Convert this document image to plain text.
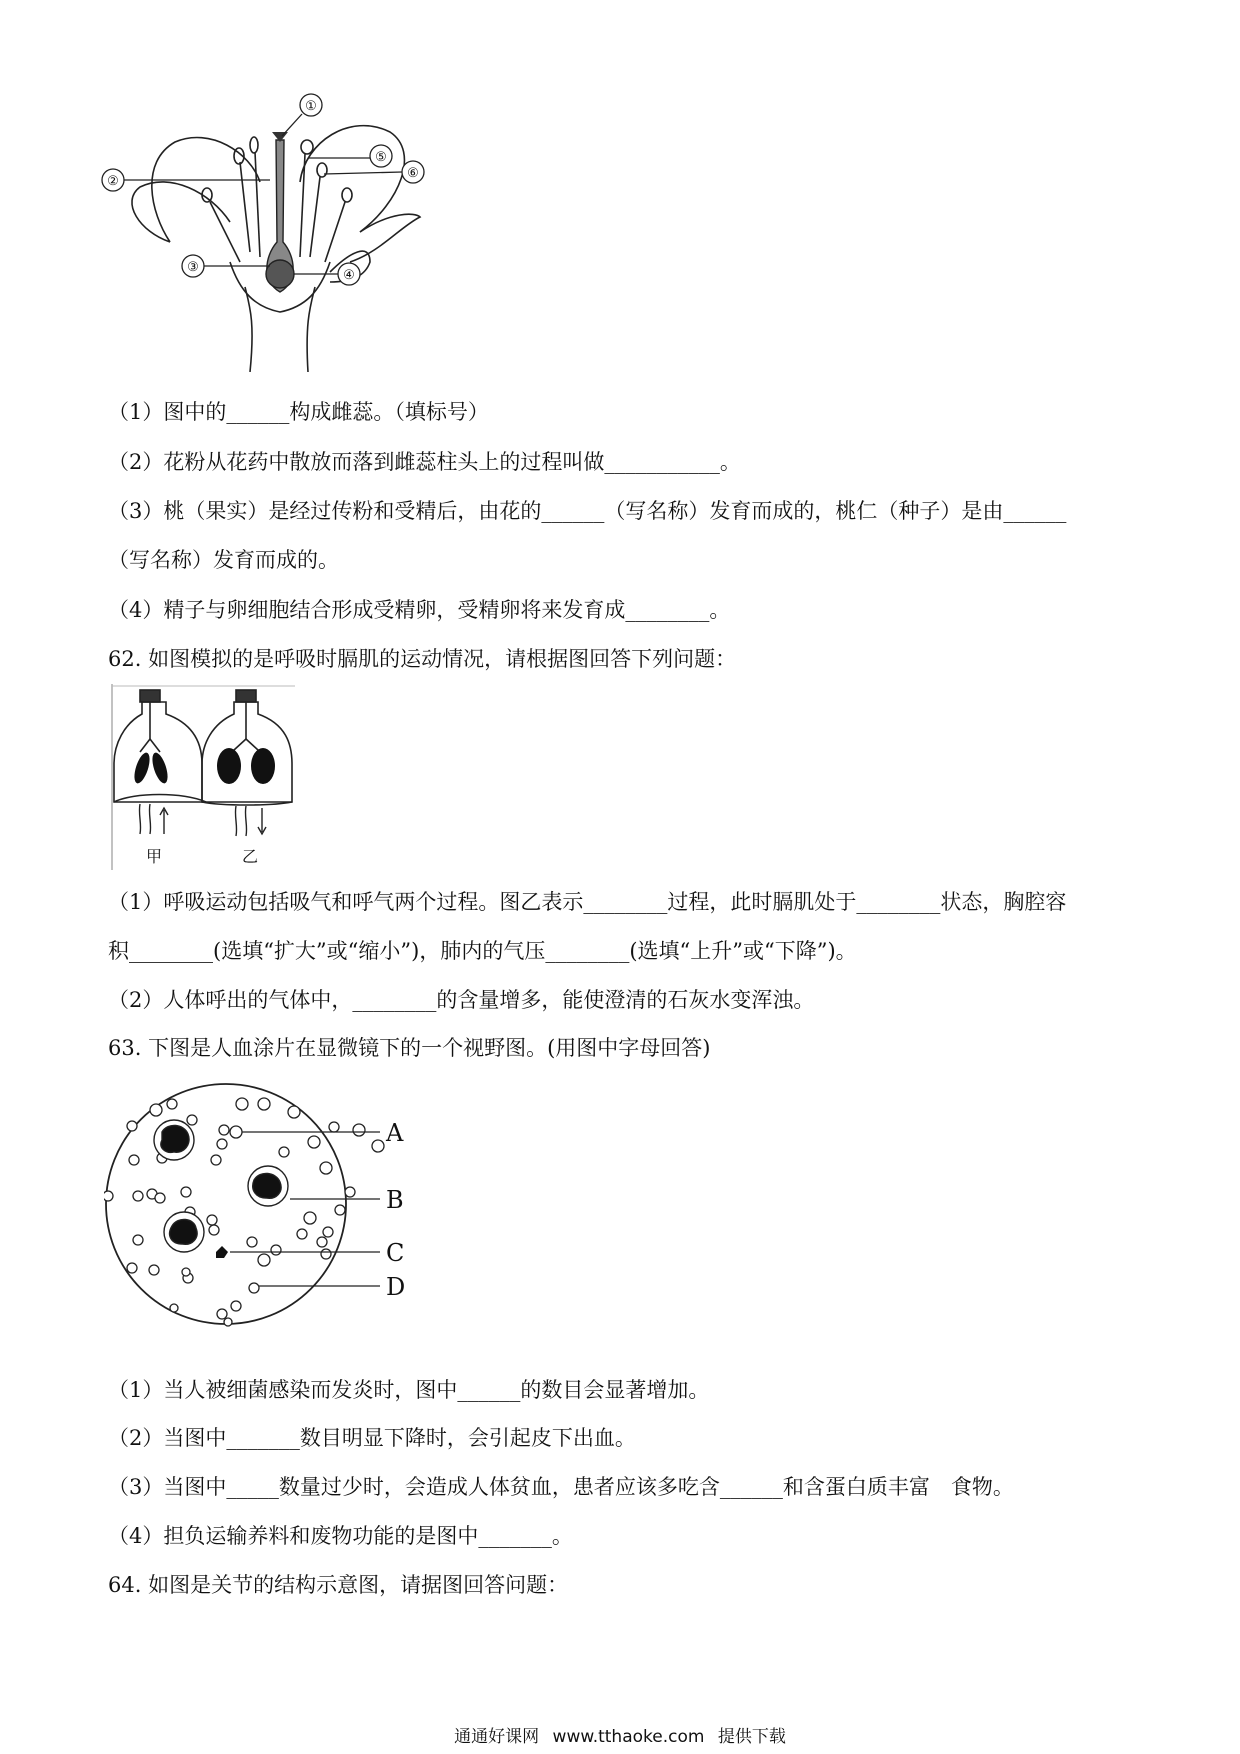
①
②
⑤
⑥
③
④
（1）图中的______构成雌蕊。（填标号）
（2）花粉从花药中散放而落到雌蕊柱头上的过程叫做___________。
（3）桃（果实）是经过传粉和受精后，由花的______（写名称）发育而成的，桃仁（种子）是由______
（写名称）发育而成的。
（4）精子与卵细胞结合形成受精卵，受精卵将来发育成________。
62. 如图模拟的是呼吸时膈肌的运动情况，请根据图回答下列问题：
甲	乙
（1）呼吸运动包括吸气和呼气两个过程。图乙表示________过程，此时膈肌处于________状态，胸腔容
积________(选填“扩大”或“缩小”)，肺内的气压________(选填“上升”或“下降”)。
（2）人体呼出的气体中，________的含量增多，能使澄清的石灰水变浑浊。
63. 下图是人血涂片在显微镜下的一个视野图。(用图中字母回答)
A
B
C
D
（1）当人被细菌感染而发炎时，图中______的数目会显著增加。
（2）当图中_______数目明显下降时，会引起皮下出血。
（3）当图中_____数量过少时，会造成人体贫血，患者应该多吃含______和含蛋白质丰富　食物。
（4）担负运输养料和废物功能的是图中_______。
64. 如图是关节的结构示意图，请据图回答问题：
通通好课网 www.tthaoke.com 提供下载
